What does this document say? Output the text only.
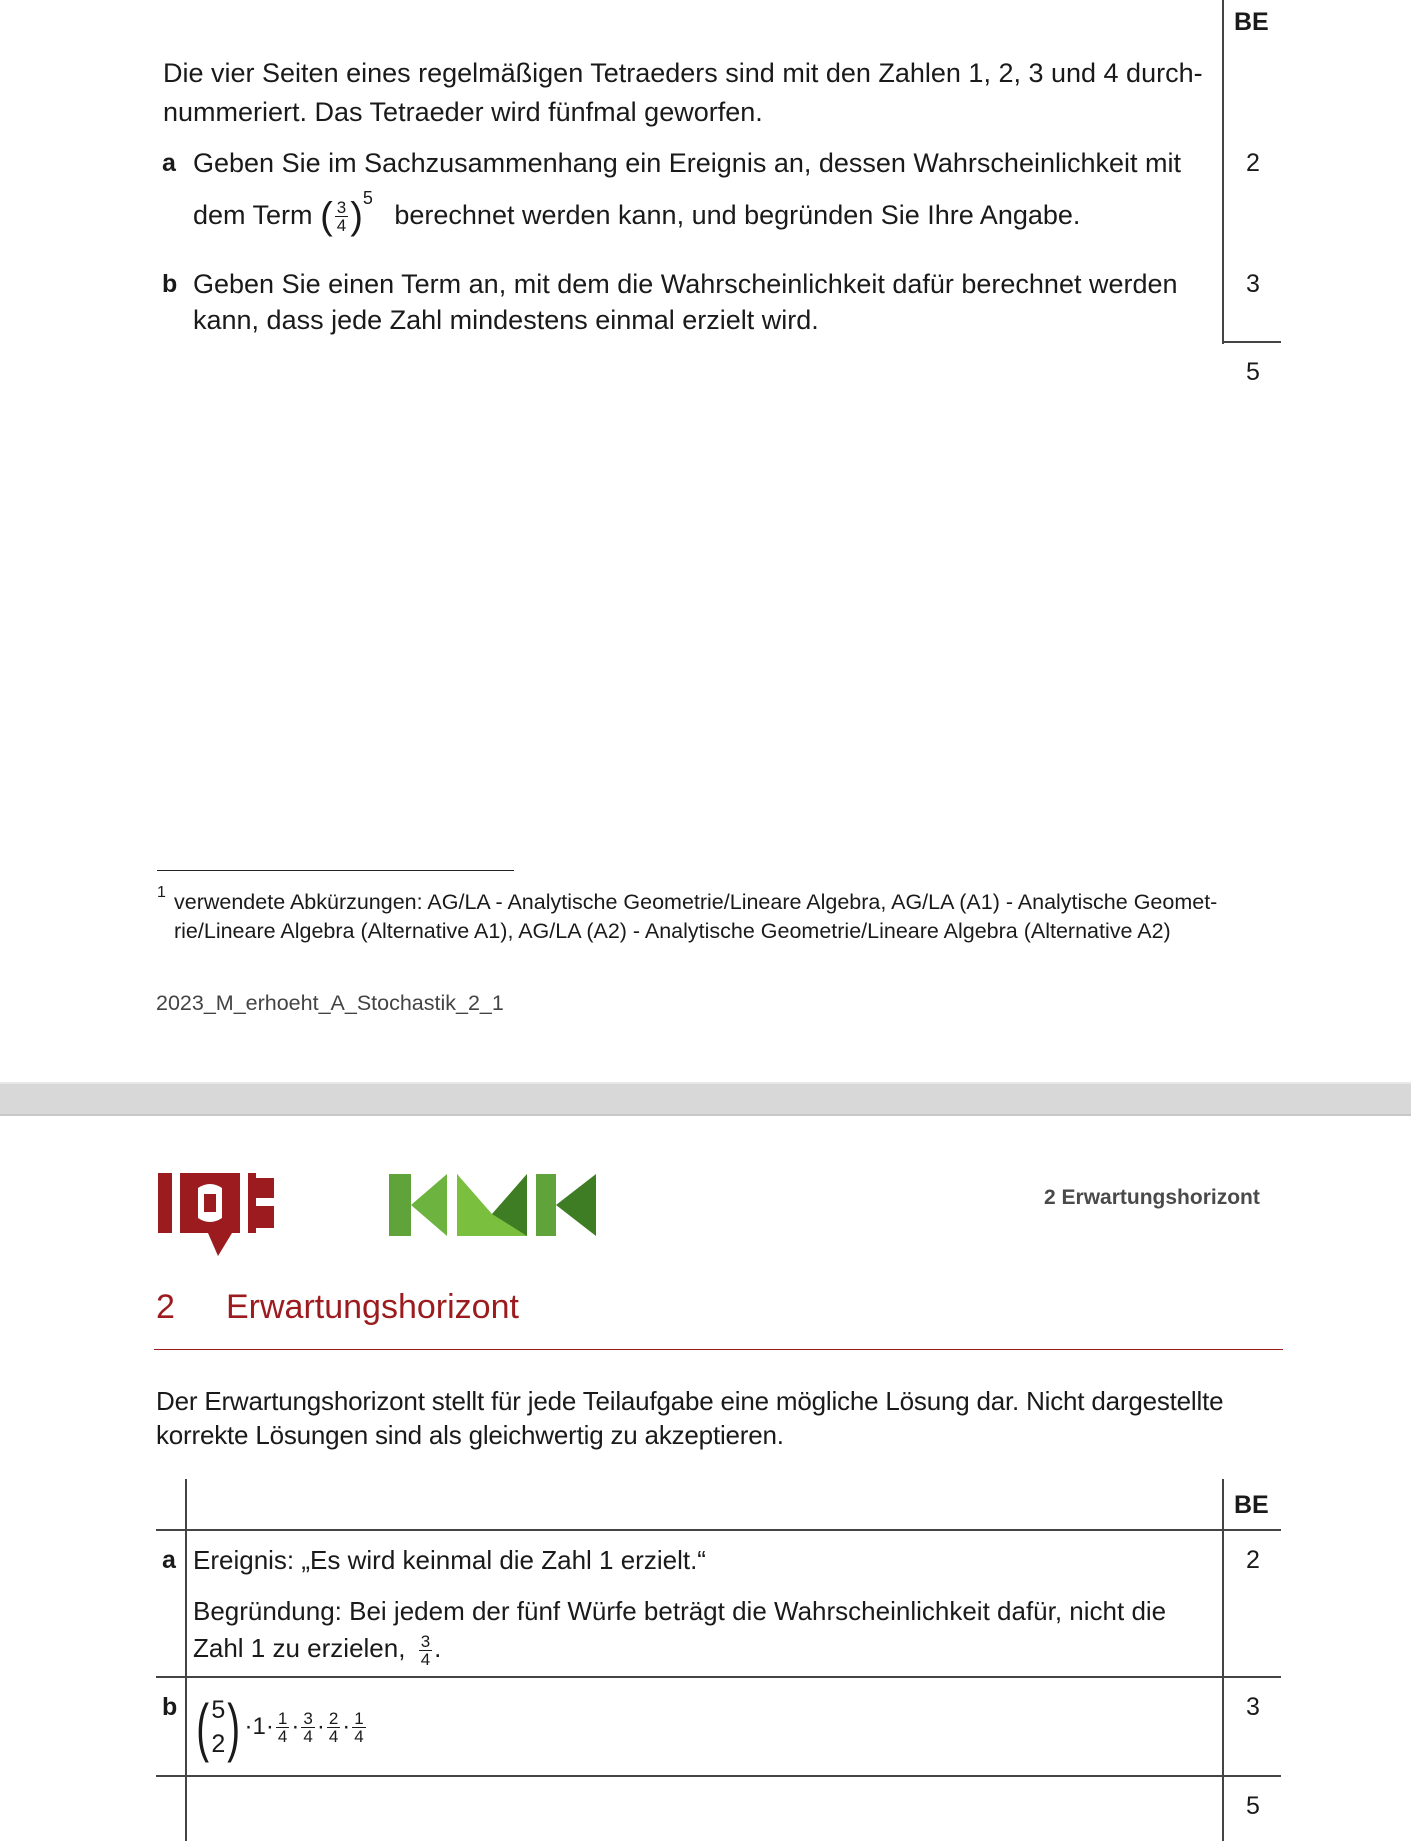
BE
Die vier Seiten eines regelmäßigen Tetraeders sind mit den Zahlen 1, 2, 3 und 4 durch-
nummeriert. Das Tetraeder wird fünfmal geworfen.
a Geben Sie im Sachzusammenhang ein Ereignis an, dessen Wahrscheinlichkeit mit
dem Term ( $\frac{3}{4} )^5$ berechnet werden kann, und begründen Sie Ihre Angabe.
2
b Geben Sie einen Term an, mit dem die Wahrscheinlichkeit dafür berechnet werden
kann, dass jede Zahl mindestens einmal erzielt wird.
3
5
1 verwendete Abkürzungen: AG/LA - Analytische Geometrie/Lineare Algebra, AG/LA (A1) - Analytische Geomet-
rie/Lineare Algebra (Alternative A1), AG/LA (A2) - Analytische Geometrie/Lineare Algebra (Alternative A2)
2023_M_erhoeht_A_Stochastik_2_1
2 Erwartungshorizont
2 Erwartungshorizont
Der Erwartungshorizont stellt für jede Teilaufgabe eine mögliche Lösung dar. Nicht dargestellte
korrekte Lösungen sind als gleichwertig zu akzeptieren.
BE
a Ereignis: „Es wird keinmal die Zahl 1 erzielt.“
Begründung: Bei jedem der fünf Würfe beträgt die Wahrscheinlichkeit dafür, nicht die
Zahl 1 zu erzielen, $\frac{3}{4}$ .
2
b ( 5
2 ) · $1 \cdot \frac{1}{4} \cdot \frac{3}{4} \cdot \frac{2}{4} \cdot \frac{1}{4}$
3
5
